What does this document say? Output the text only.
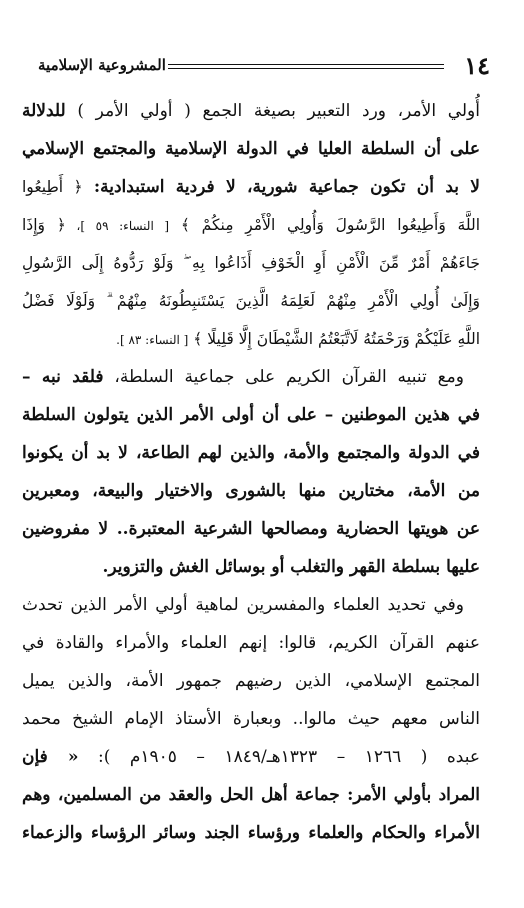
١٤
المشروعية الإسلامية
أُولي الأمر، ورد التعبير بصيغة الجمع ( أولي الأمر ) للدلالة
على أن السلطة العليا في الدولة الإسلامية والمجتمع الإسلامي
لا بد أن تكون جماعية شورية، لا فردية استبدادية: ﴿ أَطِيعُوا
اللَّهَ وَأَطِيعُوا الرَّسُولَ وَأُولِي الْأَمْرِ مِنكُمْ ﴾ [ النساء: ٥٩ ]، ﴿ وَإِذَا
جَاءَهُمْ أَمْرٌ مِّنَ الْأَمْنِ أَوِ الْخَوْفِ أَذَاعُوا بِهِ ۖ وَلَوْ رَدُّوهُ إِلَى الرَّسُولِ
وَإِلَىٰ أُولِي الْأَمْرِ مِنْهُمْ لَعَلِمَهُ الَّذِينَ يَسْتَنبِطُونَهُ مِنْهُمْ ۗ وَلَوْلَا فَضْلُ
اللَّهِ عَلَيْكُمْ وَرَحْمَتُهُ لَاتَّبَعْتُمُ الشَّيْطَانَ إِلَّا قَلِيلًا ﴾ [ النساء: ٨٣ ].
ومع تنبيه القرآن الكريم على جماعية السلطة، فلقد نبه –
في هذين الموطنين – على أن أولى الأمر الذين يتولون السلطة
في الدولة والمجتمع والأمة، والذين لهم الطاعة، لا بد أن يكونوا
من الأمة، مختارين منها بالشورى والاختيار والبيعة، ومعبرين
عن هويتها الحضارية ومصالحها الشرعية المعتبرة.. لا مفروضين
عليها بسلطة القهر والتغلب أو بوسائل الغش والتزوير.
وفي تحديد العلماء والمفسرين لماهية أولي الأمر الذين تحدث
عنهم القرآن الكريم، قالوا: إنهم العلماء والأمراء والقادة في
المجتمع الإسلامي، الذين رضيهم جمهور الأمة، والذين يميل
الناس معهم حيث مالوا.. وبعبارة الأستاذ الإمام الشيخ محمد
عبده ( ١٢٦٦ – ١٣٢٣هـ/١٨٤٩ – ١٩٠٥م ): « فإن
المراد بأولي الأمر: جماعة أهل الحل والعقد من المسلمين، وهم
الأمراء والحكام والعلماء ورؤساء الجند وسائر الرؤساء والزعماء
